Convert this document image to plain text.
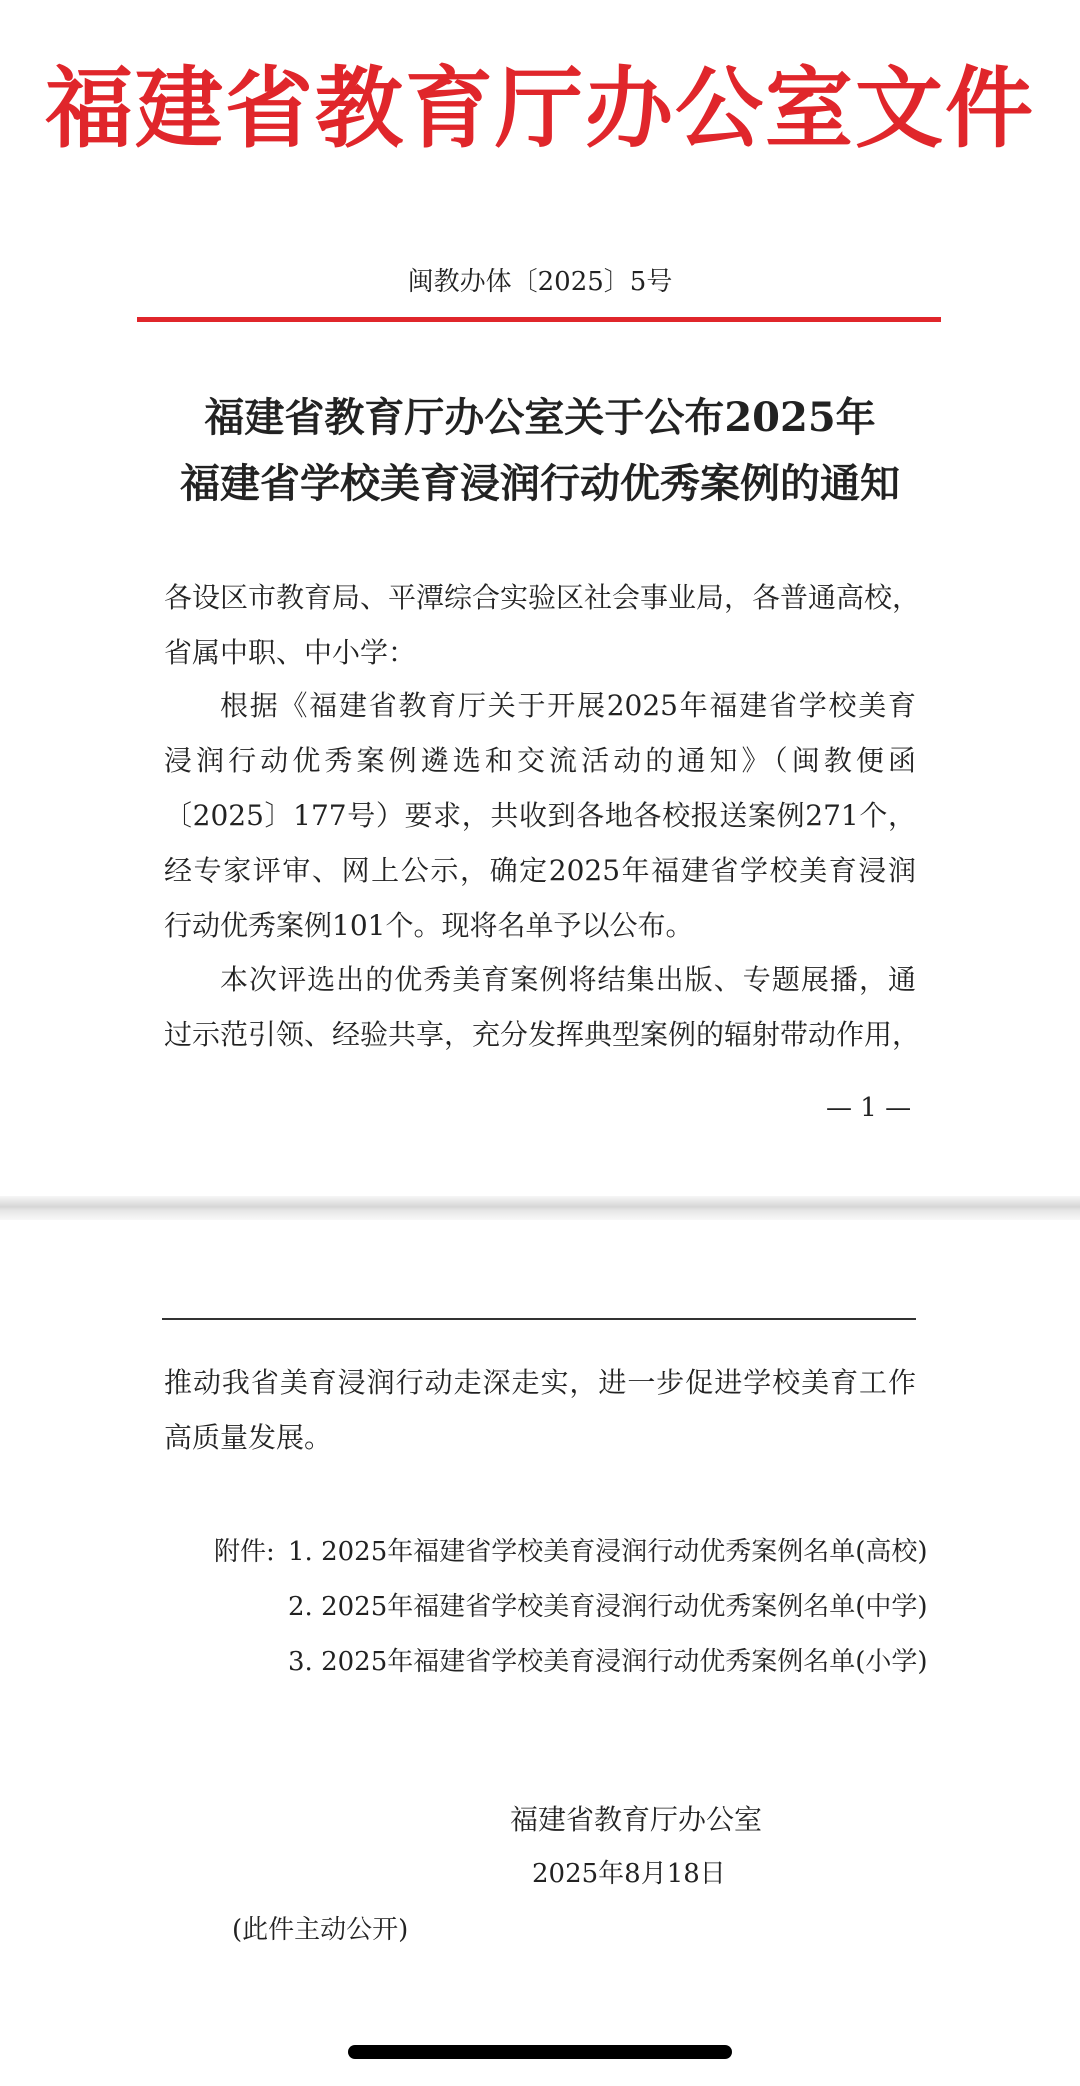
福建省教育厅办公室文件
闽教办体〔2025〕5号
福建省教育厅办公室关于公布2025年
福建省学校美育浸润行动优秀案例的通知
各设区市教育局、平潭综合实验区社会事业局，各普通高校，
省属中职、中小学：
根据《福建省教育厅关于开展2025年福建省学校美育
浸润行动优秀案例遴选和交流活动的通知》（闽教便函
〔2025〕177号）要求，共收到各地各校报送案例271个，
经专家评审、网上公示，确定2025年福建省学校美育浸润
行动优秀案例101个。现将名单予以公布。
本次评选出的优秀美育案例将结集出版、专题展播，通
过示范引领、经验共享，充分发挥典型案例的辐射带动作用，
— 1 —
推动我省美育浸润行动走深走实，进一步促进学校美育工作
高质量发展。
附件: 1. 2025年福建省学校美育浸润行动优秀案例名单(高校)
2. 2025年福建省学校美育浸润行动优秀案例名单(中学)
3. 2025年福建省学校美育浸润行动优秀案例名单(小学)
福建省教育厅办公室
2025年8月18日
(此件主动公开)
